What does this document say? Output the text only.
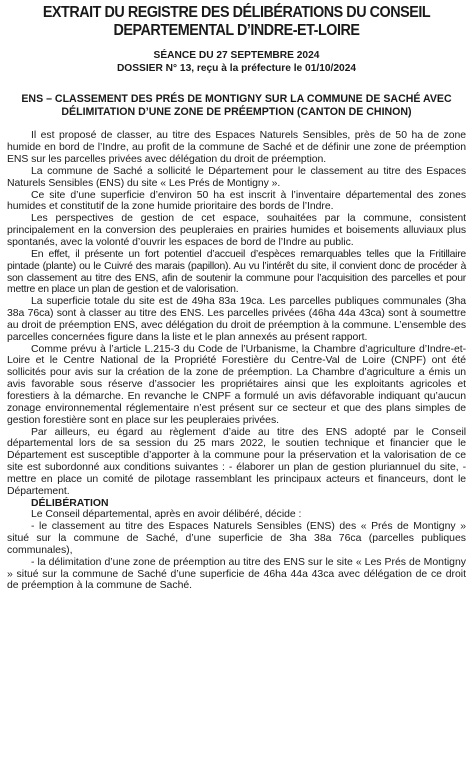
EXTRAIT DU REGISTRE DES DÉLIBÉRATIONS DU CONSEIL

DEPARTEMENTAL D’INDRE-ET-LOIRE

SÉANCE DU 27 SEPTEMBRE 2024

DOSSIER N° 13, reçu à la préfecture le 01/10/2024

ENS – CLASSEMENT DES PRÉS DE MONTIGNY SUR LA COMMUNE DE SACHÉ AVEC DÉLIMITATION D’UNE ZONE DE PRÉEMPTION (CANTON DE CHINON)

Il est proposé de classer, au titre des Espaces Naturels Sensibles, près de 50 ha de zone humide en bord de l’Indre, au profit de la commune de Saché et de définir une zone de préemption ENS sur les parcelles privées avec délégation du droit de préemption.

La commune de Saché a sollicité le Département pour le classement au titre des Espaces Naturels Sensibles (ENS) du site « Les Prés de Montigny ».

Ce site d’une superficie d’environ 50 ha est inscrit à l’inventaire départemental des zones humides et constitutif de la zone humide prioritaire des bords de l’Indre.

Les perspectives de gestion de cet espace, souhaitées par la commune, consistent principalement en la conversion des peupleraies en prairies humides et boisements alluviaux plus spontanés, avec la volonté d’ouvrir les espaces de bord de l’Indre au public.

En effet, il présente un fort potentiel d’accueil d’espèces remarquables telles que la Fritillaire pintade (plante) ou le Cuivré des marais (papillon). Au vu l’intérêt du site, il convient donc de procéder à son classement au titre des ENS, afin de soutenir la commune pour l’acquisition des parcelles et pour mettre en place un plan de gestion et de valorisation.

La superficie totale du site est de 49ha 83a 19ca. Les parcelles publiques communales (3ha 38a 76ca) sont à classer au titre des ENS. Les parcelles privées (46ha 44a 43ca) sont à soumettre au droit de préemption ENS, avec délégation du droit de préemption à la commune. L’ensemble des parcelles concernées figure dans la liste et le plan annexés au présent rapport.

Comme prévu à l’article L.215-3 du Code de l’Urbanisme, la Chambre d’agriculture d’Indre-et-Loire et le Centre National de la Propriété Forestière du Centre-Val de Loire (CNPF) ont été sollicités pour avis sur la création de la zone de préemption. La Chambre d’agriculture a émis un avis favorable sous réserve d’associer les propriétaires ainsi que les exploitants agricoles et forestiers à la démarche. En revanche le CNPF a formulé un avis défavorable indiquant qu’aucun zonage environnemental réglementaire n’est présent sur ce secteur et que des plans simples de gestion forestière sont en place sur les peupleraies privées.

Par ailleurs, eu égard au règlement d’aide au titre des ENS adopté par le Conseil départemental lors de sa session du 25 mars 2022, le soutien technique et financier que le Département est susceptible d’apporter à la commune pour la préservation et la valorisation de ce site est subordonné aux conditions suivantes : - élaborer un plan de gestion pluriannuel du site, - mettre en place un comité de pilotage rassemblant les principaux acteurs et financeurs, dont le Département.

DÉLIBÉRATION

Le Conseil départemental, après en avoir délibéré, décide :

- le classement au titre des Espaces Naturels Sensibles (ENS) des « Prés de Montigny » situé sur la commune de Saché, d’une superficie de 3ha 38a 76ca (parcelles publiques communales),

- la délimitation d’une zone de préemption au titre des ENS sur le site « Les Prés de Montigny » situé sur la commune de Saché d’une superficie de 46ha 44a 43ca avec délégation de ce droit de préemption à la commune de Saché.
